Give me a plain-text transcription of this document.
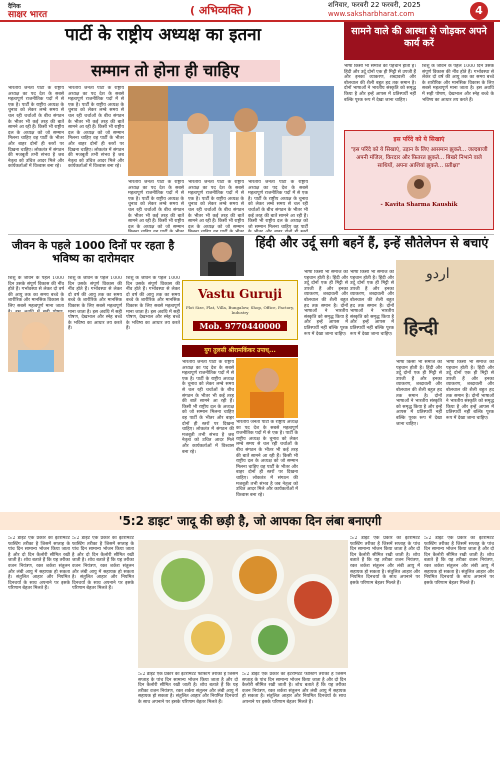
दैनिक
साक्षर भारत	( अभिव्यक्ति )	शनिवार, फरवरी 22 फरवरी, 2025
www.saksharbharat.com	4
पार्टी के राष्ट्रीय अध्यक्ष का इतना
सम्मान तो होना ही चाहिए
भारतीय जनता पार्टी के राष्ट्रीय अध्यक्ष का पद देश के सबसे महत्वपूर्ण राजनीतिक पदों में से एक है। पार्टी के राष्ट्रीय अध्यक्ष के चुनाव को लेकर लम्बे समय से चल रही चर्चाओं के बीच संगठन के भीतर भी कई तरह की बातें सामने आ रही हैं। किसी भी राष्ट्रीय दल के अध्यक्ष को जो सम्मान मिलना चाहिए वह पार्टी के भीतर और बाहर दोनों ही स्तरों पर दिखना चाहिए। लोकतंत्र में संगठन की मजबूती तभी संभव है जब नेतृत्व को उचित आदर मिले और कार्यकर्ताओं में विश्वास बना रहे।
भारतीय जनता पार्टी के राष्ट्रीय अध्यक्ष का पद देश के सबसे महत्वपूर्ण राजनीतिक पदों में से एक है। पार्टी के राष्ट्रीय अध्यक्ष के चुनाव को लेकर लम्बे समय से चल रही चर्चाओं के बीच संगठन के भीतर भी कई तरह की बातें सामने आ रही हैं। किसी भी राष्ट्रीय दल के अध्यक्ष को जो सम्मान मिलना चाहिए वह पार्टी के भीतर और बाहर दोनों ही स्तरों पर दिखना चाहिए। लोकतंत्र में संगठन की मजबूती तभी संभव है जब नेतृत्व को उचित आदर मिले और कार्यकर्ताओं में विश्वास बना रहे।
भारतीय जनता पार्टी के राष्ट्रीय अध्यक्ष का पद देश के सबसे महत्वपूर्ण राजनीतिक पदों में से एक है। पार्टी के राष्ट्रीय अध्यक्ष के चुनाव को लेकर लम्बे समय से चल रही चर्चाओं के बीच संगठन के भीतर भी कई तरह की बातें सामने आ रही हैं। किसी भी राष्ट्रीय दल के अध्यक्ष को जो सम्मान
भारतीय जनता पार्टी के राष्ट्रीय अध्यक्ष का पद देश के सबसे महत्वपूर्ण राजनीतिक पदों में से एक है। पार्टी के राष्ट्रीय अध्यक्ष के चुनाव को लेकर लम्बे समय से चल रही चर्चाओं के बीच संगठन के भीतर भी कई तरह की बातें सामने आ रही हैं। किसी भी राष्ट्रीय दल के अध्यक्ष को जो सम्मान
भारतीय जनता पार्टी के राष्ट्रीय अध्यक्ष का पद देश के सबसे महत्वपूर्ण राजनीतिक पदों में से एक है। पार्टी के राष्ट्रीय अध्यक्ष के चुनाव को लेकर लम्बे समय से चल रही चर्चाओं के बीच संगठन के भीतर भी कई तरह की बातें सामने आ रही हैं। किसी भी राष्ट्रीय दल के अध्यक्ष को जो सम्मान मिलना चाहिए वह पार्टी
सामने वाले की आस्था से जोड़कर अपने कार्य करें
भाषा किसी भी समाज की पहचान होती है। हिंदी और उर्दू दोनों एक ही मिट्टी से उपजी हैं और इनका व्याकरण, शब्दावली और बोलचाल की शैली बहुत हद तक समान है। दोनों भाषाओं ने भारतीय संस्कृति को समृद्ध किया है और इन्हें आपस में प्रतिस्पर्धी नहीं बल्कि पूरक रूप में देखा जाना चाहिए।
शिशु के जीवन के पहले 1000 दिन उसके संपूर्ण विकास की नींव होते हैं। गर्भावस्था से लेकर दो वर्ष की आयु तक का समय बच्चे के शारीरिक और मानसिक विकास के लिए सबसे महत्वपूर्ण माना जाता है। इस अवधि में सही पोषण, देखभाल और स्नेह बच्चे के भविष्य का आधार तय करते हैं।
इस परिंदे को ये सिखाएं
"इस परिंदे को ये सिखाएं, उड़ान के लिए आसमान झुकते... जल्दबाजी अपनी मंजिल, किरदार और फ़ितरत झुकते... बिखरे निभाने वाले साथियों, अपना आशियां झुकते... प्रतीक्षा"
- Kavita Sharma Kaushik
जीवन के पहले 1000 दिनों पर रहता है भविष्य का दारोमदार
शिशु के जीवन के पहले 1000 दिन उसके संपूर्ण विकास की नींव होते हैं। गर्भावस्था से लेकर दो वर्ष की आयु तक का समय बच्चे के शारीरिक और मानसिक विकास के लिए सबसे महत्वपूर्ण माना जाता
शिशु के जीवन के पहले 1000 दिन उसके संपूर्ण विकास की नींव होते हैं। गर्भावस्था से लेकर दो वर्ष की आयु तक का समय बच्चे के शारीरिक और मानसिक विकास के लिए सबसे महत्वपूर्ण माना जाता है। इस अवधि में सही पोषण, देखभाल और स्नेह बच्चे के भविष्य का आधार तय करते हैं।
शिशु के जीवन के पहले 1000 दिन उसके संपूर्ण विकास की नींव होते हैं। गर्भावस्था से लेकर दो वर्ष की आयु तक का समय बच्चे के शारीरिक और मानसिक विकास के लिए सबसे महत्वपूर्ण माना जाता है। इस अवधि में सही पोषण, देखभाल और स्नेह बच्चे के भविष्य का आधार तय करते हैं।
Vastu Guruji
Plot Size, Flat, Villa, Bungalow, Shop, Office, Factory, Industry
Mob. 9770440000
युग तुलसी श्रीरामकिंकर उपाध्...
भारतीय जनता पार्टी के राष्ट्रीय अध्यक्ष का पद देश के सबसे महत्वपूर्ण राजनीतिक पदों में से एक है। पार्टी के राष्ट्रीय अध्यक्ष के चुनाव को लेकर लम्बे समय से चल रही चर्चाओं के बीच संगठन के भीतर भी कई तरह की बातें सामने आ रही हैं। किसी भी राष्ट्रीय दल के अध्यक्ष को जो सम्मान मिलना चाहिए वह पार्टी के भीतर और बाहर दोनों ही स्तरों पर दिखना चाहिए। लोकतंत्र में संगठन की मजबूती तभी संभव है जब नेतृत्व को उचित आदर मिले और कार्यकर्ताओं में विश्वास बना रहे।
भारतीय जनता पार्टी के राष्ट्रीय अध्यक्ष का पद देश के सबसे महत्वपूर्ण राजनीतिक पदों में से एक है। पार्टी के राष्ट्रीय अध्यक्ष के चुनाव को लेकर लम्बे समय से चल रही चर्चाओं के बीच संगठन के भीतर भी कई तरह की बातें सामने आ रही हैं। किसी भी राष्ट्रीय दल के अध्यक्ष को जो सम्मान मिलना चाहिए वह पार्टी के भीतर और बाहर दोनों ही स्तरों पर दिखना चाहिए। लोकतंत्र में संगठन की मजबूती तभी संभव है जब नेतृत्व को उचित आदर मिले और कार्यकर्ताओं में विश्वास बना रहे।
हिंदी और उर्दू सगी बहनें हैं, इन्हें सौतेलेपन से बचाएं
भाषा किसी भी समाज की पहचान होती है। हिंदी और उर्दू दोनों एक ही मिट्टी से उपजी हैं और इनका व्याकरण, शब्दावली और बोलचाल की शैली बहुत हद तक समान है। दोनों भाषाओं ने भारतीय संस्कृति को समृद्ध किया है और इन्हें आपस में प्रतिस्पर्धी नहीं बल्कि पूरक रूप में देखा जाना चाहिए।
भाषा किसी भी समाज की पहचान होती है। हिंदी और उर्दू दोनों एक ही मिट्टी से उपजी हैं और इनका व्याकरण, शब्दावली और बोलचाल की शैली बहुत हद तक समान है। दोनों भाषाओं ने भारतीय संस्कृति को समृद्ध किया है और इन्हें आपस में प्रतिस्पर्धी नहीं बल्कि पूरक रूप में देखा जाना चाहिए।
اردو
हिन्दी
भाषा किसी भी समाज की पहचान होती है। हिंदी और उर्दू दोनों एक ही मिट्टी से उपजी हैं और इनका व्याकरण, शब्दावली और बोलचाल की शैली बहुत हद तक समान है। दोनों भाषाओं ने भारतीय संस्कृति को समृद्ध किया है और इन्हें आपस में प्रतिस्पर्धी नहीं बल्कि पूरक रूप में देखा जाना चाहिए।
भाषा किसी भी समाज की पहचान होती है। हिंदी और उर्दू दोनों एक ही मिट्टी से उपजी हैं और इनका व्याकरण, शब्दावली और बोलचाल की शैली बहुत हद तक समान है। दोनों भाषाओं ने भारतीय संस्कृति को समृद्ध किया है और इन्हें आपस में प्रतिस्पर्धी नहीं बल्कि पूरक रूप में देखा जाना चाहिए।
'5:2 डाइट' जादू की छड़ी है, जो आपका दिन लंबा बनाएगी
5:2 डाइट एक प्रकार का इंटरमिटेंट फास्टिंग तरीका है जिसमें सप्ताह के पांच दिन सामान्य भोजन किया जाता है और दो दिन कैलोरी सीमित रखी जाती है। शोध बताते हैं कि यह तरीका वजन नियंत्रण, रक्त शर्करा संतुलन और लंबी आयु में सहायक हो सकता है। संतुलित आहार और नियमित दिनचर्या के साथ अपनाने पर इसके परिणाम बेहतर मिलते हैं।
5:2 डाइट एक प्रकार का इंटरमिटेंट फास्टिंग तरीका है जिसमें सप्ताह के पांच दिन सामान्य भोजन किया जाता है और दो दिन कैलोरी सीमित रखी जाती है। शोध बताते हैं कि यह तरीका वजन नियंत्रण, रक्त शर्करा संतुलन और लंबी आयु में सहायक हो सकता है। संतुलित आहार और नियमित दिनचर्या के साथ अपनाने पर इसके परिणाम बेहतर मिलते हैं।
5:2 डाइट एक प्रकार का इंटरमिटेंट फास्टिंग तरीका है जिसमें सप्ताह के पांच दिन सामान्य भोजन किया जाता है और दो दिन कैलोरी सीमित रखी जाती है। शोध बताते हैं कि यह तरीका वजन नियंत्रण, रक्त शर्करा संतुलन और लंबी आयु में सहायक हो सकता है। संतुलित आहार और नियमित दिनचर्या के साथ अपनाने पर इसके परिणाम बेहतर मिलते हैं।
5:2 डाइट एक प्रकार का इंटरमिटेंट फास्टिंग तरीका है जिसमें सप्ताह के पांच दिन सामान्य भोजन किया जाता है और दो दिन कैलोरी सीमित रखी जाती है। शोध बताते हैं कि यह तरीका वजन नियंत्रण, रक्त शर्करा संतुलन और लंबी आयु में सहायक हो सकता है। संतुलित आहार और नियमित दिनचर्या के साथ अपनाने पर इसके परिणाम बेहतर मिलते हैं।
5:2 डाइट एक प्रकार का इंटरमिटेंट फास्टिंग तरीका है जिसमें सप्ताह के पांच दिन सामान्य भोजन किया जाता है और दो दिन कैलोरी सीमित रखी जाती है। शोध बताते हैं कि यह तरीका वजन नियंत्रण, रक्त शर्करा संतुलन और लंबी आयु में सहायक हो सकता है। संतुलित आहार और नियमित दिनचर्या के साथ अपनाने पर इसके परिणाम बेहतर मिलते हैं।
5:2 डाइट एक प्रकार का इंटरमिटेंट फास्टिंग तरीका है जिसमें सप्ताह के पांच दिन सामान्य भोजन किया जाता है और दो दिन कैलोरी सीमित रखी जाती है। शोध बताते हैं कि यह तरीका वजन नियंत्रण, रक्त शर्करा संतुलन और लंबी आयु में सहायक हो सकता है। संतुलित आहार और नियमित दिनचर्या के साथ अपनाने पर इसके परिणाम बेहतर मिलते हैं।
